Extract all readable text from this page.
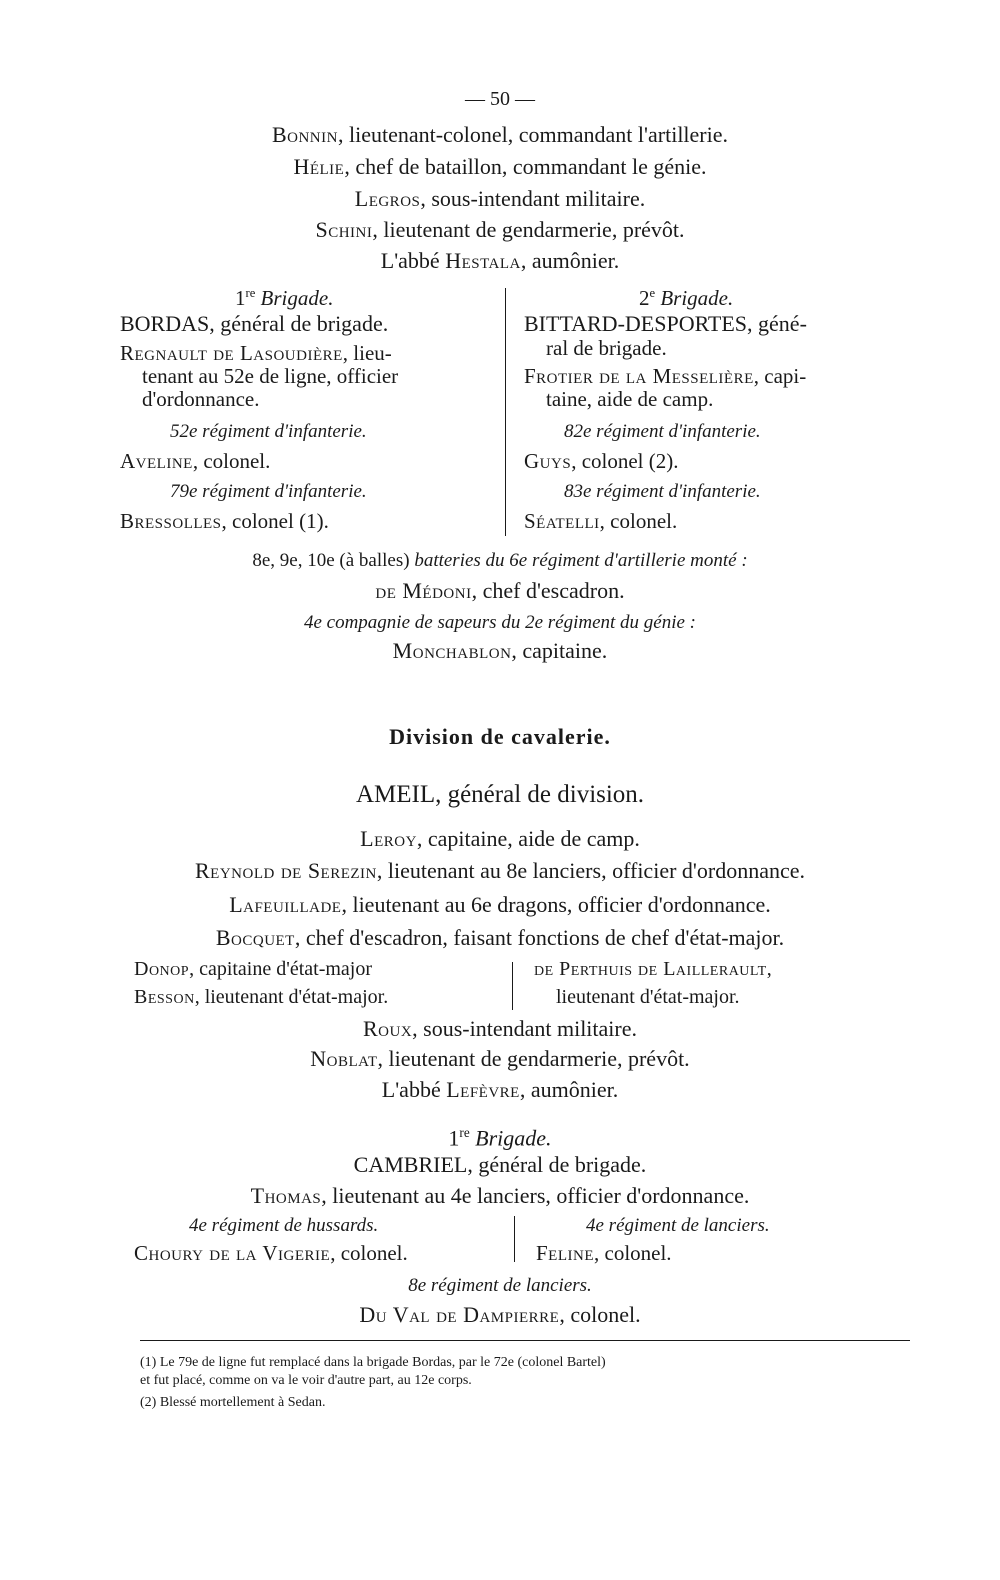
— 50 —
Bonnin, lieutenant-colonel, commandant l'artillerie.
Hélie, chef de bataillon, commandant le génie.
Legros, sous-intendant militaire.
Schini, lieutenant de gendarmerie, prévôt.
L'abbé Hestala, aumônier.
1re Brigade.
BORDAS, général de brigade.
Regnault de Lasoudière, lieu-
tenant au 52e de ligne, officier
d'ordonnance.
52e régiment d'infanterie.
Aveline, colonel.
79e régiment d'infanterie.
Bressolles, colonel (1).
2e Brigade.
BITTARD-DESPORTES, géné-
ral de brigade.
Frotier de la Messelière, capi-
taine, aide de camp.
82e régiment d'infanterie.
Guys, colonel (2).
83e régiment d'infanterie.
Séatelli, colonel.
8e, 9e, 10e (à balles) batteries du 6e régiment d'artillerie monté :
de Médoni, chef d'escadron.
4e compagnie de sapeurs du 2e régiment du génie :
Monchablon, capitaine.
Division de cavalerie.
AMEIL, général de division.
Leroy, capitaine, aide de camp.
Reynold de Serezin, lieutenant au 8e lanciers, officier d'ordonnance.
Lafeuillade, lieutenant au 6e dragons, officier d'ordonnance.
Bocquet, chef d'escadron, faisant fonctions de chef d'état-major.
Donop, capitaine d'état-major
Besson, lieutenant d'état-major.
de Perthuis de Laillerault,
lieutenant d'état-major.
Roux, sous-intendant militaire.
Noblat, lieutenant de gendarmerie, prévôt.
L'abbé Lefèvre, aumônier.
1re Brigade.
CAMBRIEL, général de brigade.
Thomas, lieutenant au 4e lanciers, officier d'ordonnance.
4e régiment de hussards.
Choury de la Vigerie, colonel.
4e régiment de lanciers.
Feline, colonel.
8e régiment de lanciers.
Du Val de Dampierre, colonel.
(1) Le 79e de ligne fut remplacé dans la brigade Bordas, par le 72e (colonel Bartel)
et fut placé, comme on va le voir d'autre part, au 12e corps.
(2) Blessé mortellement à Sedan.
